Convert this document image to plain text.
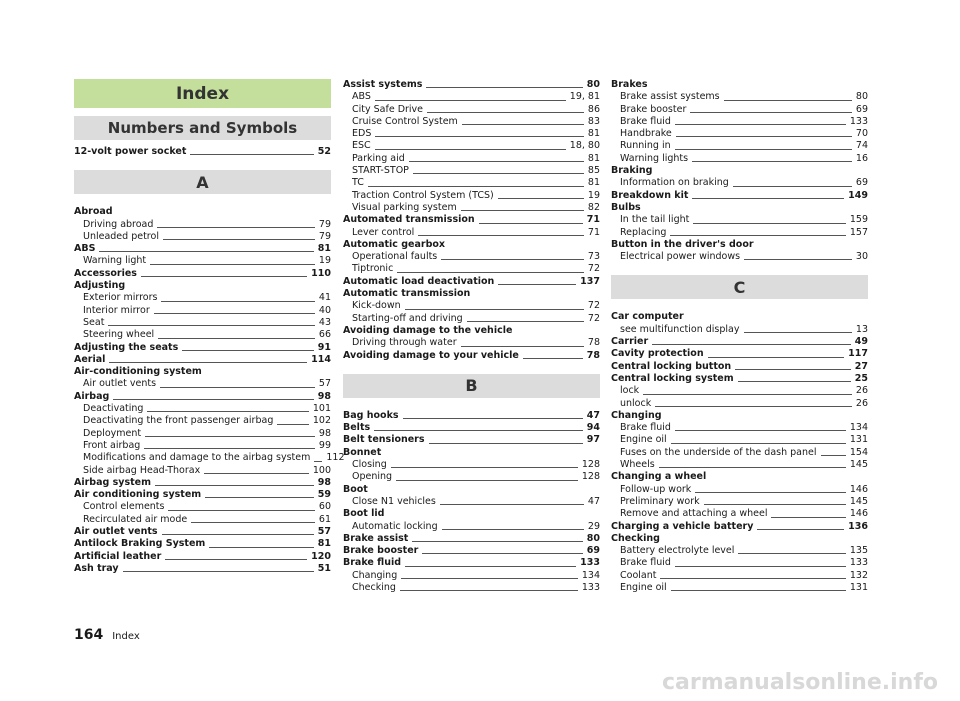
Index
Numbers and Symbols
12-volt power socket	52
A
Abroad
Driving abroad	79
Unleaded petrol	79
ABS	81
Warning light	19
Accessories	110
Adjusting
Exterior mirrors	41
Interior mirror	40
Seat	43
Steering wheel	66
Adjusting the seats	91
Aerial	114
Air-conditioning system
Air outlet vents	57
Airbag	98
Deactivating	101
Deactivating the front passenger airbag	102
Deployment	98
Front airbag	99
Modifications and damage to the airbag system 112
Side airbag Head-Thorax	100
Airbag system	98
Air conditioning system	59
Control elements	60
Recirculated air mode	61
Air outlet vents	57
Antilock Braking System	81
Artificial leather	120
Ash tray	51
Assist systems	80
ABS	19, 81
City Safe Drive	86
Cruise Control System	83
EDS	81
ESC	18, 80
Parking aid	81
START-STOP	85
TC	81
Traction Control System (TCS)	19
Visual parking system	82
Automated transmission	71
Lever control	71
Automatic gearbox
Operational faults	73
Tiptronic	72
Automatic load deactivation	137
Automatic transmission
Kick-down	72
Starting-off and driving	72
Avoiding damage to the vehicle
Driving through water	78
Avoiding damage to your vehicle	78
B
Bag hooks	47
Belts	94
Belt tensioners	97
Bonnet
Closing	128
Opening	128
Boot
Close N1 vehicles	47
Boot lid
Automatic locking	29
Brake assist	80
Brake booster	69
Brake fluid	133
Changing	134
Checking	133
Brakes
Brake assist systems	80
Brake booster	69
Brake fluid	133
Handbrake	70
Running in	74
Warning lights	16
Braking
Information on braking	69
Breakdown kit	149
Bulbs
In the tail light	159
Replacing	157
Button in the driver's door
Electrical power windows	30
C
Car computer
see multifunction display	13
Carrier	49
Cavity protection	117
Central locking button	27
Central locking system	25
lock	26
unlock	26
Changing
Brake fluid	134
Engine oil	131
Fuses on the underside of the dash panel	154
Wheels	145
Changing a wheel
Follow-up work	146
Preliminary work	145
Remove and attaching a wheel	146
Charging a vehicle battery	136
Checking
Battery electrolyte level	135
Brake fluid	133
Coolant	132
Engine oil	131
164 Index
carmanualsonline.info
